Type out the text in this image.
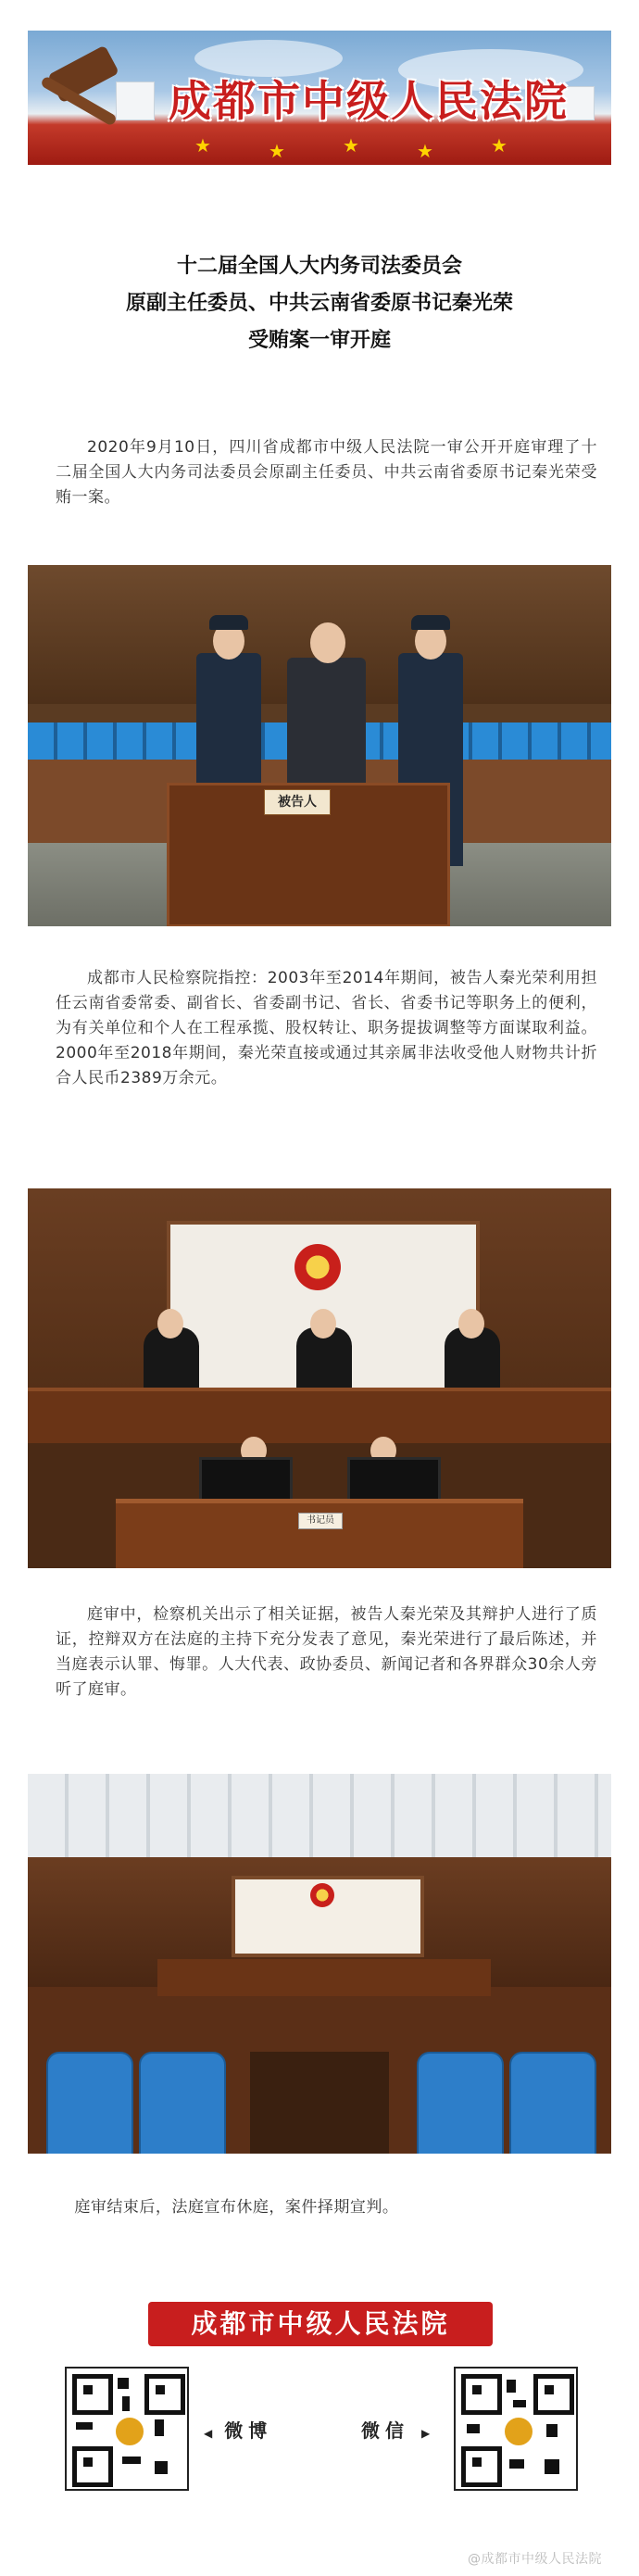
★	★	★	★	★
成都市中级人民法院
十二届全国人大内务司法委员会
原副主任委员、中共云南省委原书记秦光荣
受贿案一审开庭
2020年9月10日，四川省成都市中级人民法院一审公开开庭审理了十二届全国人大内务司法委员会原副主任委员、中共云南省委原书记秦光荣受贿一案。
被告人
成都市人民检察院指控：2003年至2014年期间，被告人秦光荣利用担任云南省委常委、副省长、省委副书记、省长、省委书记等职务上的便利，为有关单位和个人在工程承揽、股权转让、职务提拔调整等方面谋取利益。2000年至2018年期间，秦光荣直接或通过其亲属非法收受他人财物共计折合人民币2389万余元。
书记员
庭审中，检察机关出示了相关证据，被告人秦光荣及其辩护人进行了质证，控辩双方在法庭的主持下充分发表了意见，秦光荣进行了最后陈述，并当庭表示认罪、悔罪。人大代表、政协委员、新闻记者和各界群众30余人旁听了庭审。
庭审结束后，法庭宣布休庭，案件择期宣判。
成都市中级人民法院
◀ 微博	微信 ▶
@成都市中级人民法院
